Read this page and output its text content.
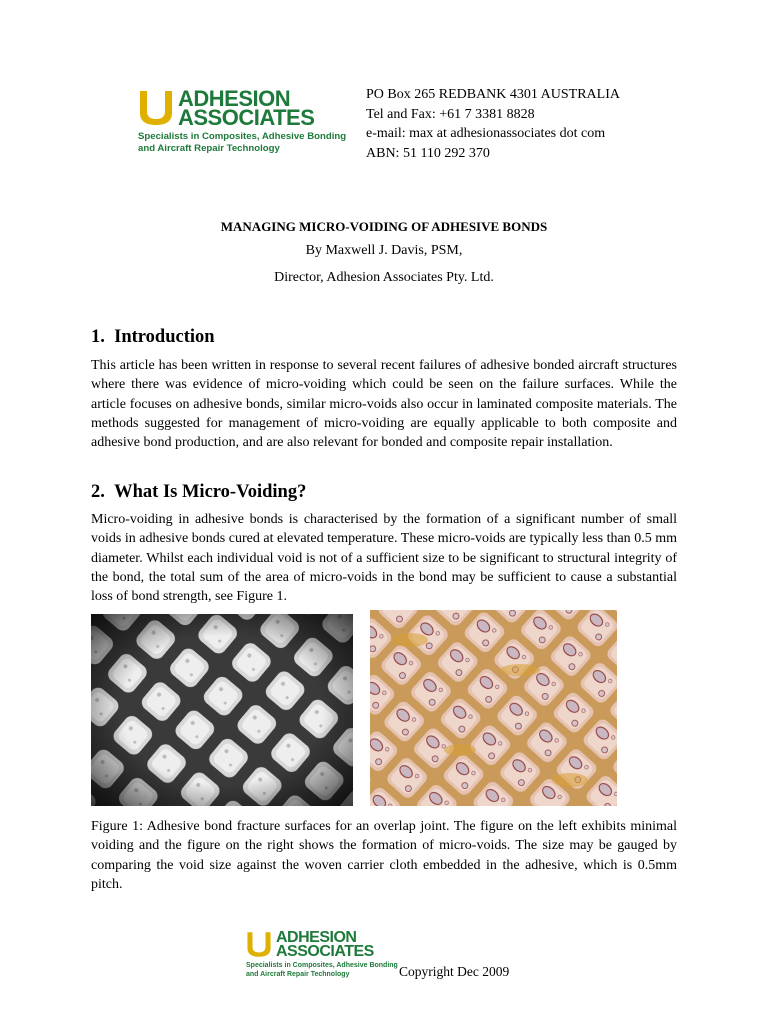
ADHESION
ASSOCIATES
Specialists in Composites, Adhesive Bonding
and Aircraft Repair Technology
PO Box 265 REDBANK 4301 AUSTRALIA
Tel and Fax: +61 7 3381 8828
e-mail: max at adhesionassociates dot com
ABN: 51 110 292 370
MANAGING MICRO-VOIDING OF ADHESIVE BONDS
By Maxwell J. Davis, PSM,
Director, Adhesion Associates Pty. Ltd.
1.  Introduction
This article has been written in response to several recent failures of adhesive bonded aircraft structures where there was evidence of micro-voiding which could be seen on the failure surfaces. While the article focuses on adhesive bonds, similar micro-voids also occur in laminated composite materials. The methods suggested for management of micro-voiding are equally applicable to both composite and adhesive bond production, and are also relevant for bonded and composite repair installation.
2.  What Is Micro-Voiding?
Micro-voiding in adhesive bonds is characterised by the formation of a significant number of small voids in adhesive bonds cured at elevated temperature. These micro-voids are typically less than 0.5 mm diameter. Whilst each individual void is not of a sufficient size to be significant to structural integrity of the bond, the total sum of the area of micro-voids in the bond may be sufficient to cause a substantial loss of bond strength, see Figure 1.
Figure 1: Adhesive bond fracture surfaces for an overlap joint. The figure on the left exhibits minimal voiding and the figure on the right shows the formation of micro-voids. The size may be gauged by comparing the void size against the woven carrier cloth embedded in the adhesive, which is 0.5mm pitch.
ADHESION
ASSOCIATES
Specialists in Composites, Adhesive Bonding
and Aircraft Repair Technology	Copyright Dec 2009
